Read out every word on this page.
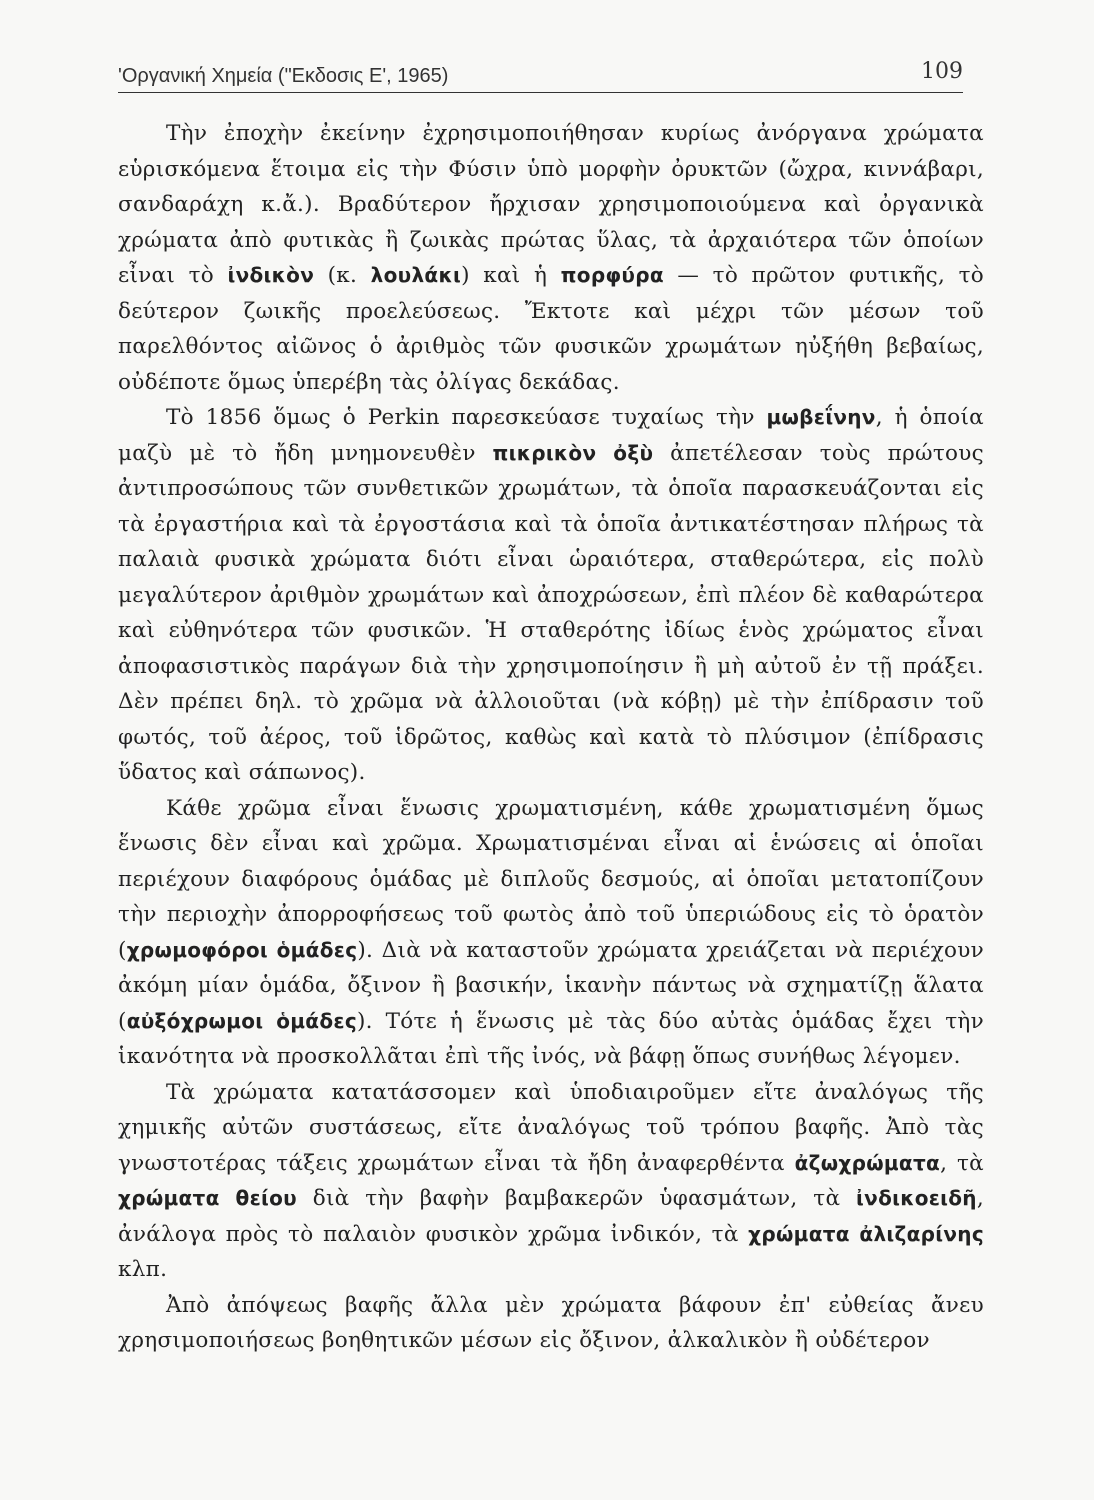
'Οργανική Χημεία ("Εκδοσις Ε', 1965)	109

Τὴν ἐποχὴν ἐκείνην ἐχρησιμοποιήθησαν κυρίως ἀνόργανα χρώματα εὑρισκόμενα ἕτοιμα εἰς τὴν Φύσιν ὑπὸ μορφὴν ὀρυκτῶν (ὤχρα, κιννάβαρι, σανδαράχη κ.ἄ.). Βραδύτερον ἤρχισαν χρησιμοποιούμενα καὶ ὀργανικὰ χρώματα ἀπὸ φυτικὰς ἢ ζωικὰς πρώτας ὕλας, τὰ ἀρχαιότερα τῶν ὁποίων εἶναι τὸ ἰνδικὸν (κ. λουλάκι) καὶ ἡ πορφύρα — τὸ πρῶτον φυτικῆς, τὸ δεύτερον ζωικῆς προελεύσεως. Ἔκτοτε καὶ μέχρι τῶν μέσων τοῦ παρελθόντος αἰῶνος ὁ ἀριθμὸς τῶν φυσικῶν χρωμάτων ηὐξήθη βεβαίως, οὐδέποτε ὅμως ὑπερέβη τὰς ὀλίγας δεκάδας.

Τὸ 1856 ὅμως ὁ Perkin παρεσκεύασε τυχαίως τὴν μωβεΐνην, ἡ ὁποία μαζὺ μὲ τὸ ἤδη μνημονευθὲν πικρικὸν ὀξὺ ἀπετέλεσαν τοὺς πρώτους ἀντιπροσώπους τῶν συνθετικῶν χρωμάτων, τὰ ὁποῖα παρασκευάζονται εἰς τὰ ἐργαστήρια καὶ τὰ ἐργοστάσια καὶ τὰ ὁποῖα ἀντικατέστησαν πλήρως τὰ παλαιὰ φυσικὰ χρώματα διότι εἶναι ὡραιότερα, σταθερώτερα, εἰς πολὺ μεγαλύτερον ἀριθμὸν χρωμάτων καὶ ἀποχρώσεων, ἐπὶ πλέον δὲ καθαρώτερα καὶ εὐθηνότερα τῶν φυσικῶν. Ἡ σταθερότης ἰδίως ἑνὸς χρώματος εἶναι ἀποφασιστικὸς παράγων διὰ τὴν χρησιμοποίησιν ἢ μὴ αὐτοῦ ἐν τῇ πράξει. Δὲν πρέπει δηλ. τὸ χρῶμα νὰ ἀλλοιοῦται (νὰ κόβῃ) μὲ τὴν ἐπίδρασιν τοῦ φωτός, τοῦ ἀέρος, τοῦ ἱδρῶτος, καθὼς καὶ κατὰ τὸ πλύσιμον (ἐπίδρασις ὕδατος καὶ σάπωνος).

Κάθε χρῶμα εἶναι ἕνωσις χρωματισμένη, κάθε χρωματισμένη ὅμως ἕνωσις δὲν εἶναι καὶ χρῶμα. Χρωματισμέναι εἶναι αἱ ἑνώσεις αἱ ὁποῖαι περιέχουν διαφόρους ὁμάδας μὲ διπλοῦς δεσμούς, αἱ ὁποῖαι μετατοπίζουν τὴν περιοχὴν ἀπορροφήσεως τοῦ φωτὸς ἀπὸ τοῦ ὑπεριώδους εἰς τὸ ὁρατὸν (χρωμοφόροι ὁμάδες). Διὰ νὰ καταστοῦν χρώματα χρειάζεται νὰ περιέχουν ἀκόμη μίαν ὁμάδα, ὄξινον ἢ βασικήν, ἱκανὴν πάντως νὰ σχηματίζῃ ἅλατα (αὐξόχρωμοι ὁμάδες). Τότε ἡ ἕνωσις μὲ τὰς δύο αὐτὰς ὁμάδας ἔχει τὴν ἱκανότητα νὰ προσκολλᾶται ἐπὶ τῆς ἰνός, νὰ βάφῃ ὅπως συνήθως λέγομεν.

Τὰ χρώματα κατατάσσομεν καὶ ὑποδιαιροῦμεν εἴτε ἀναλόγως τῆς χημικῆς αὐτῶν συστάσεως, εἴτε ἀναλόγως τοῦ τρόπου βαφῆς. Ἀπὸ τὰς γνωστοτέρας τάξεις χρωμάτων εἶναι τὰ ἤδη ἀναφερθέντα ἀζωχρώματα, τὰ χρώματα θείου διὰ τὴν βαφὴν βαμβακερῶν ὑφασμάτων, τὰ ἰνδικοειδῆ, ἀνάλογα πρὸς τὸ παλαιὸν φυσικὸν χρῶμα ἰνδικόν, τὰ χρώματα ἀλιζαρίνης κλπ.

Ἀπὸ ἀπόψεως βαφῆς ἄλλα μὲν χρώματα βάφουν ἐπ' εὐθείας ἄνευ χρησιμοποιήσεως βοηθητικῶν μέσων εἰς ὄξινον, ἀλκαλικὸν ἢ οὐδέτερον
